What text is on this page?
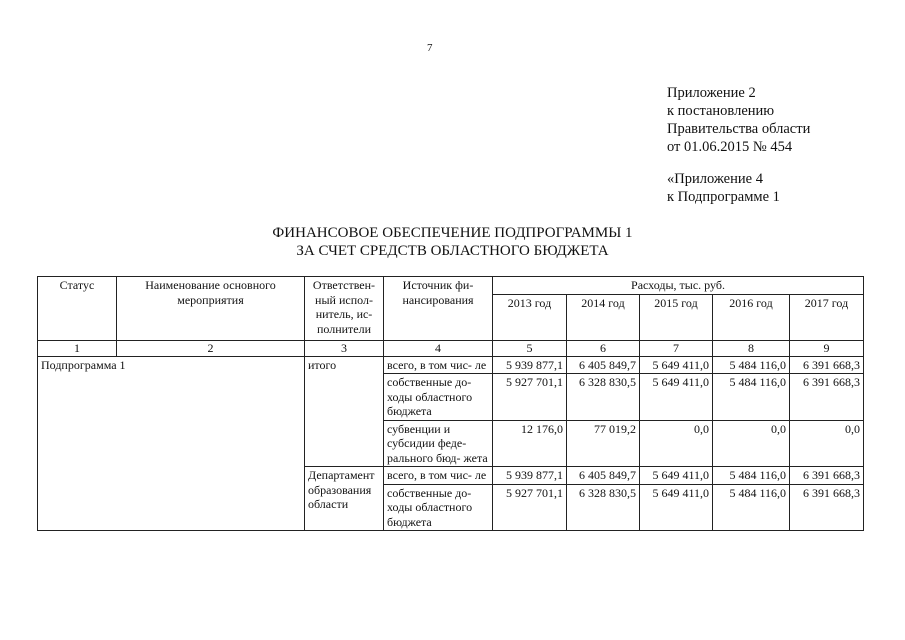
7
Приложение 2
к постановлению
Правительства области
от 01.06.2015 № 454
«Приложение 4
к Подпрограмме 1
ФИНАНСОВОЕ ОБЕСПЕЧЕНИЕ ПОДПРОГРАММЫ 1
ЗА СЧЕТ СРЕДСТВ ОБЛАСТНОГО БЮДЖЕТА
Статус	Наименование основного мероприятия	Ответствен- ный испол- нитель, ис- полнители	Источник фи- нансирования	Расходы, тыс. руб.				
				2013 год	2014 год	2015 год	2016 год	2017 год
1	2	3	4	5	6	7	8	9
Подпрограмма 1		итого	всего, в том чис- ле	5 939 877,1	6 405 849,7	5 649 411,0	5 484 116,0	6 391 668,3
			собственные до- ходы областного бюджета	5 927 701,1	6 328 830,5	5 649 411,0	5 484 116,0	6 391 668,3
			субвенции и субсидии феде- рального бюд- жета	12 176,0	77 019,2	0,0	0,0	0,0
		Департамент образования области	всего, в том чис- ле	5 939 877,1	6 405 849,7	5 649 411,0	5 484 116,0	6 391 668,3
			собственные до- ходы областного бюджета	5 927 701,1	6 328 830,5	5 649 411,0	5 484 116,0	6 391 668,3
